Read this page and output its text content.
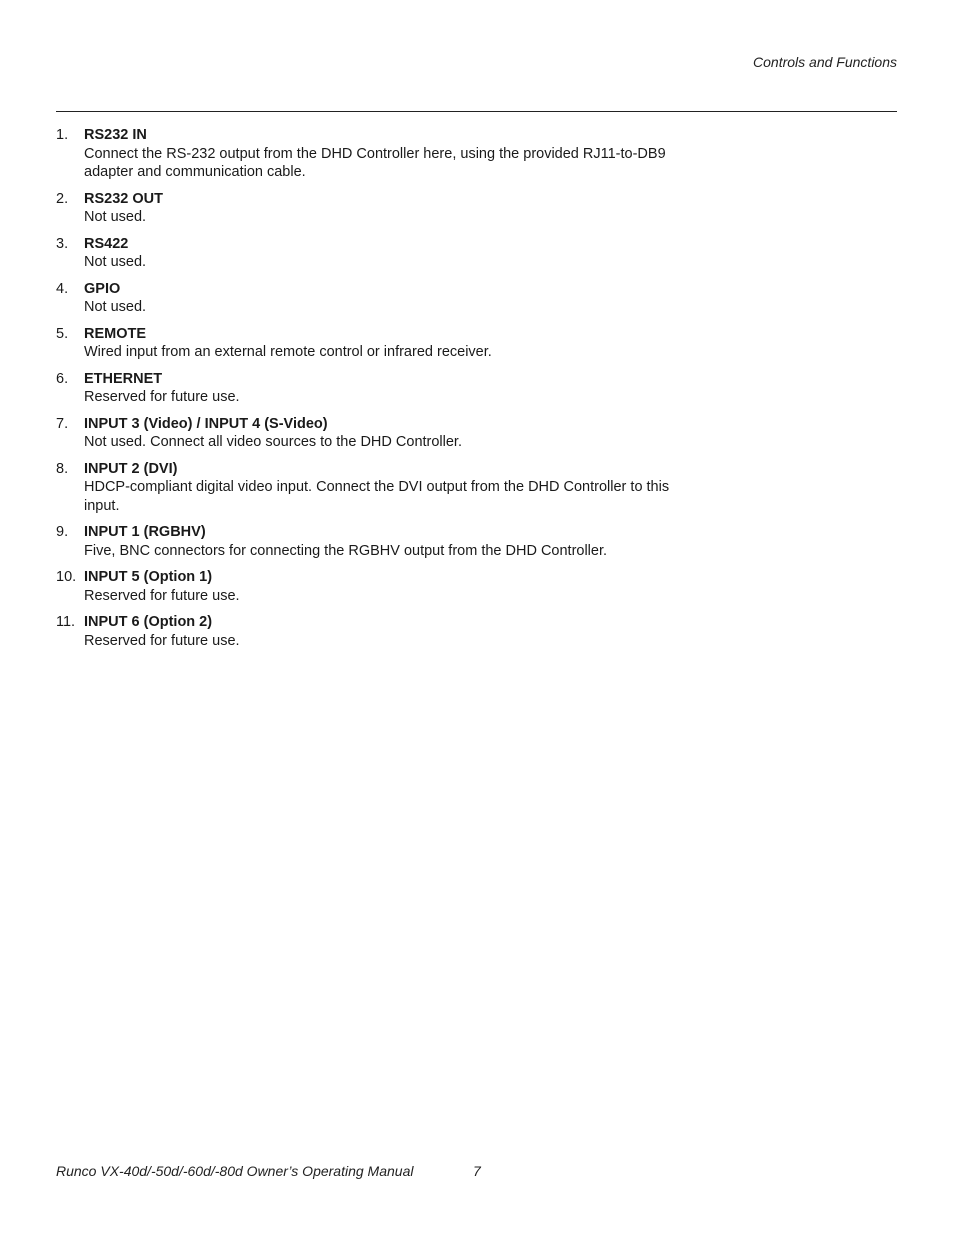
Controls and Functions
1. RS232 IN
Connect the RS-232 output from the DHD Controller here, using the provided RJ11-to-DB9 adapter and communication cable.
2. RS232 OUT
Not used.
3. RS422
Not used.
4. GPIO
Not used.
5. REMOTE
Wired input from an external remote control or infrared receiver.
6. ETHERNET
Reserved for future use.
7. INPUT 3 (Video) / INPUT 4 (S-Video)
Not used. Connect all video sources to the DHD Controller.
8. INPUT 2 (DVI)
HDCP-compliant digital video input. Connect the DVI output from the DHD Controller to this input.
9. INPUT 1 (RGBHV)
Five, BNC connectors for connecting the RGBHV output from the DHD Controller.
10. INPUT 5 (Option 1)
Reserved for future use.
11. INPUT 6 (Option 2)
Reserved for future use.
Runco VX-40d/-50d/-60d/-80d Owner’s Operating Manual	7
